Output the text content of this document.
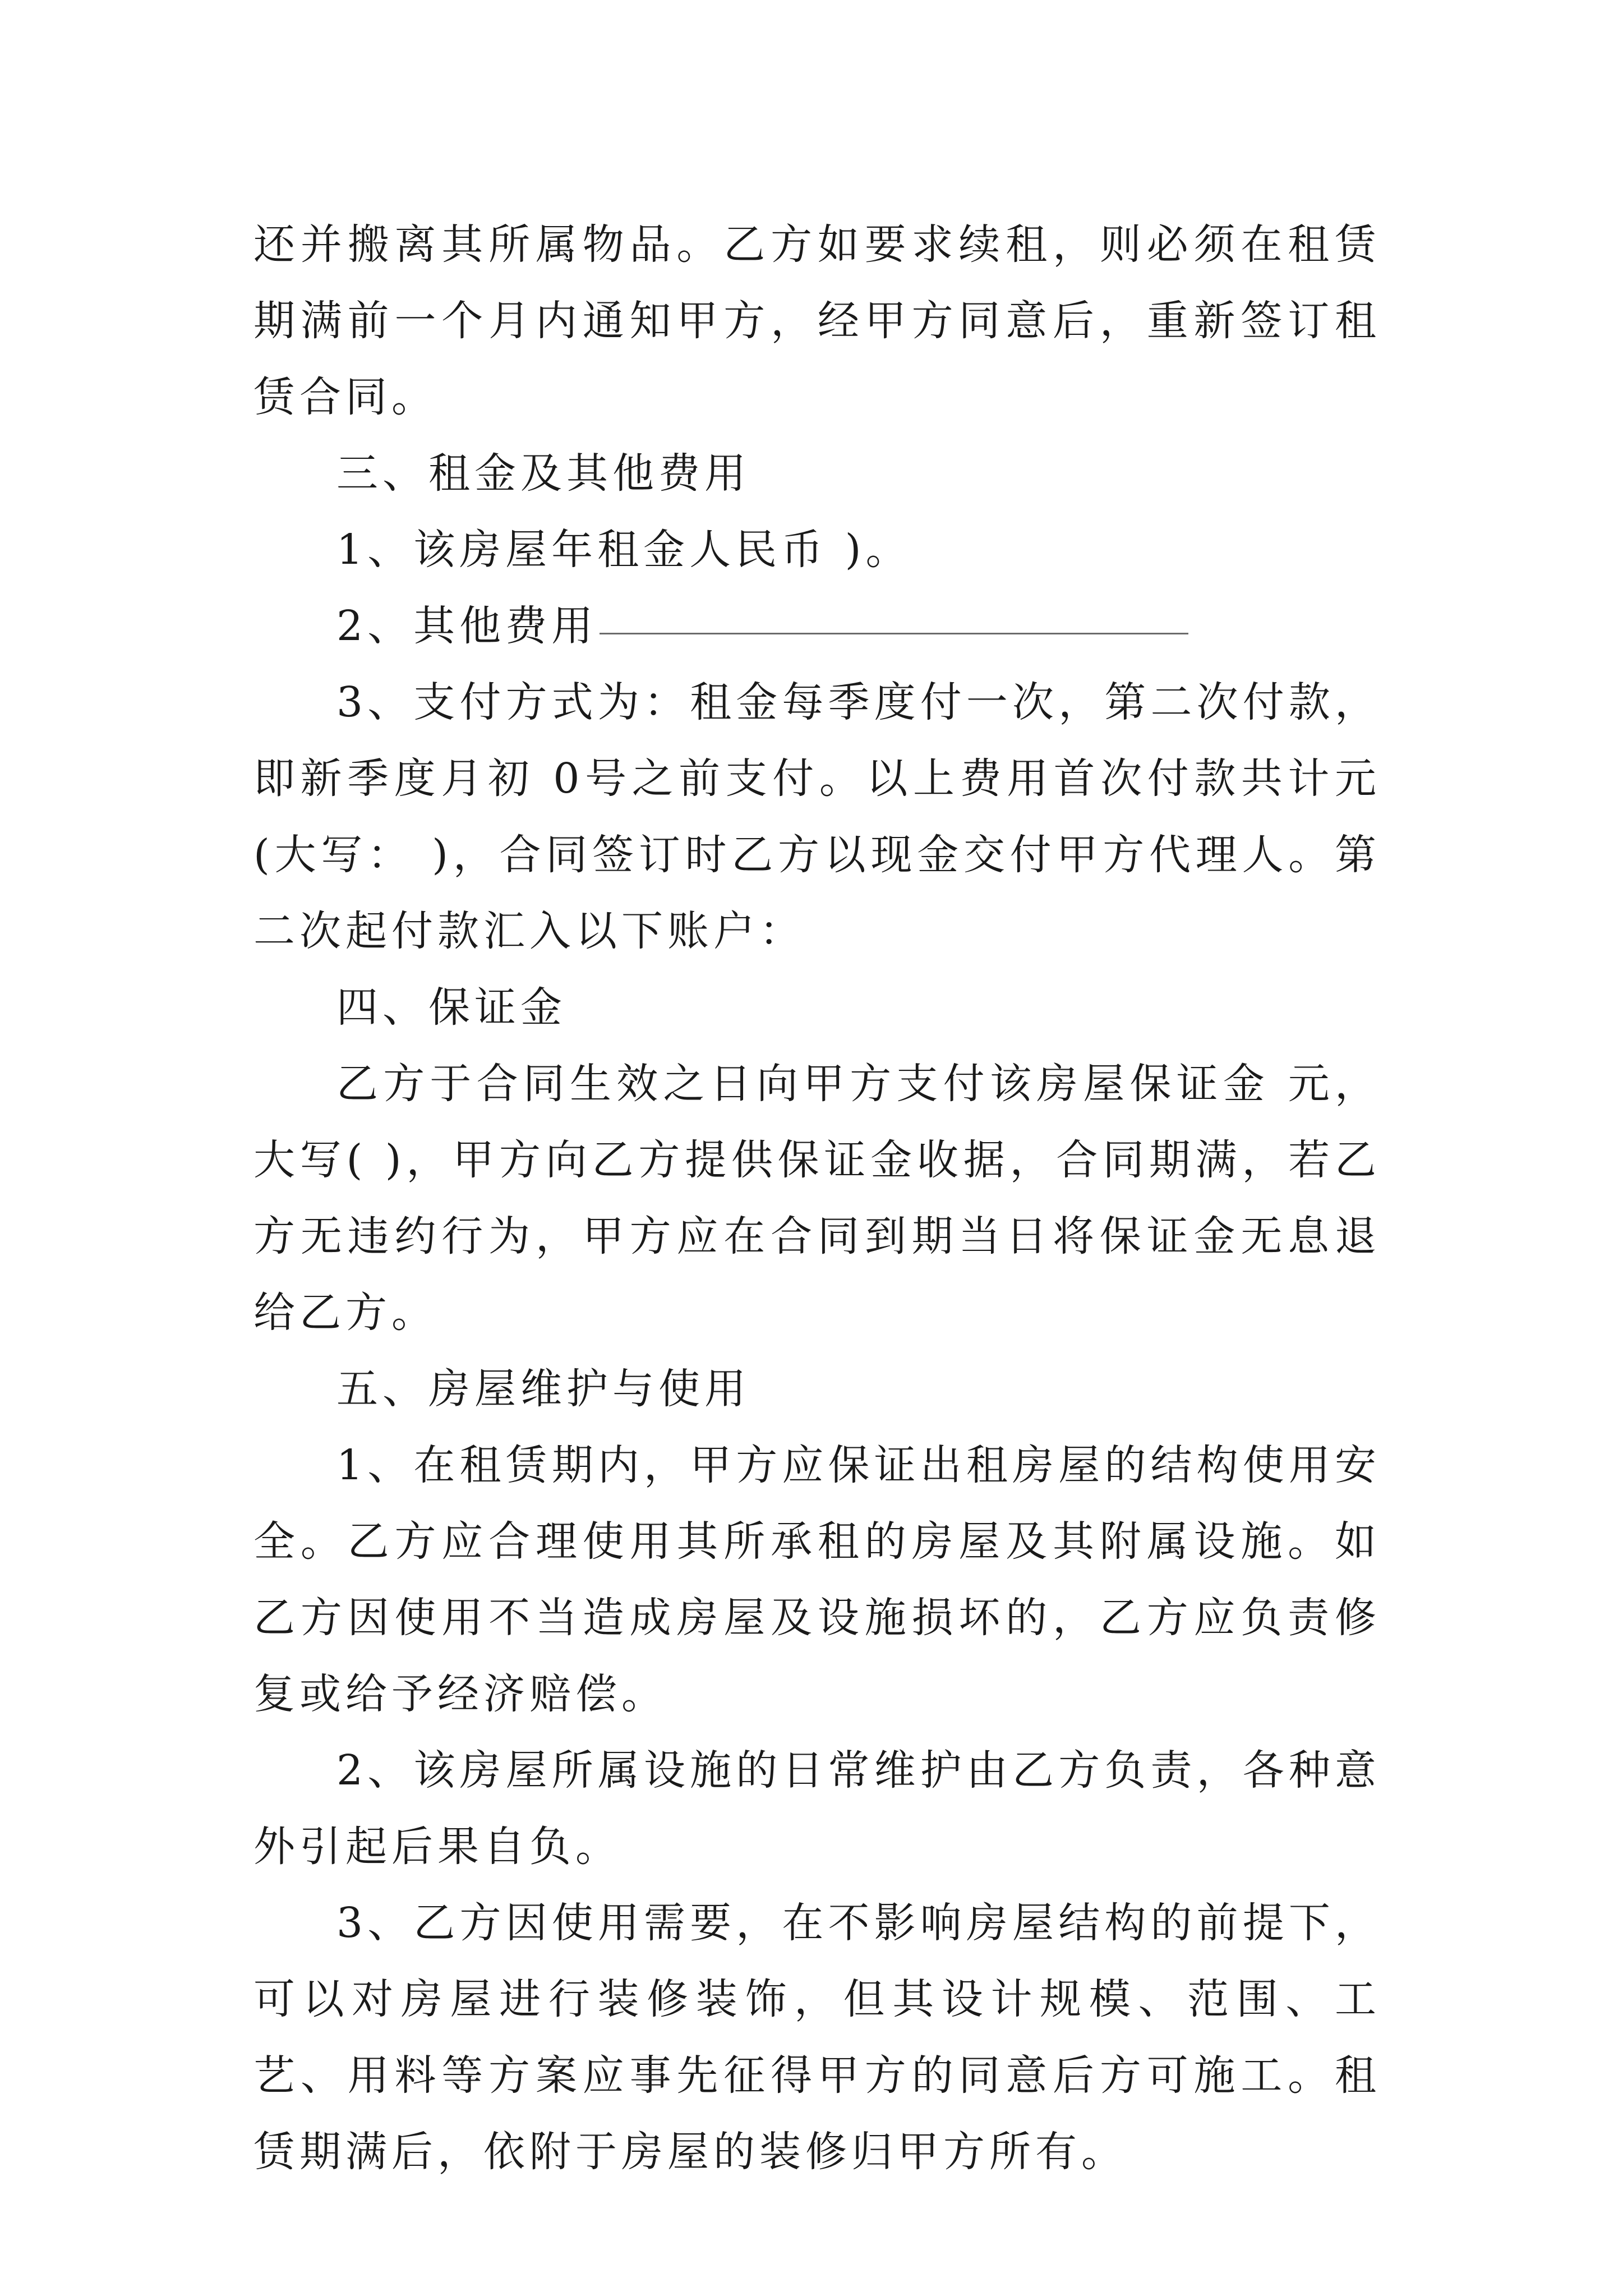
还并搬离其所属物品。乙方如要求续租，则必须在租赁期满前一个月内通知甲方，经甲方同意后，重新签订租赁合同。

三、租金及其他费用

1、该房屋年租金人民币 )。

2、其他费用

3、支付方式为：租金每季度付一次，第二次付款，即新季度月初 0号之前支付。以上费用首次付款共计元(大写： )，合同签订时乙方以现金交付甲方代理人。第二次起付款汇入以下账户：

四、保证金

乙方于合同生效之日向甲方支付该房屋保证金 元，大写( )，甲方向乙方提供保证金收据，合同期满，若乙方无违约行为，甲方应在合同到期当日将保证金无息退给乙方。

五、房屋维护与使用

1、在租赁期内，甲方应保证出租房屋的结构使用安全。乙方应合理使用其所承租的房屋及其附属设施。如乙方因使用不当造成房屋及设施损坏的，乙方应负责修复或给予经济赔偿。

2、该房屋所属设施的日常维护由乙方负责，各种意外引起后果自负。

3、乙方因使用需要，在不影响房屋结构的前提下，可以对房屋进行装修装饰，但其设计规模、范围、工艺、用料等方案应事先征得甲方的同意后方可施工。租赁期满后，依附于房屋的装修归甲方所有。
